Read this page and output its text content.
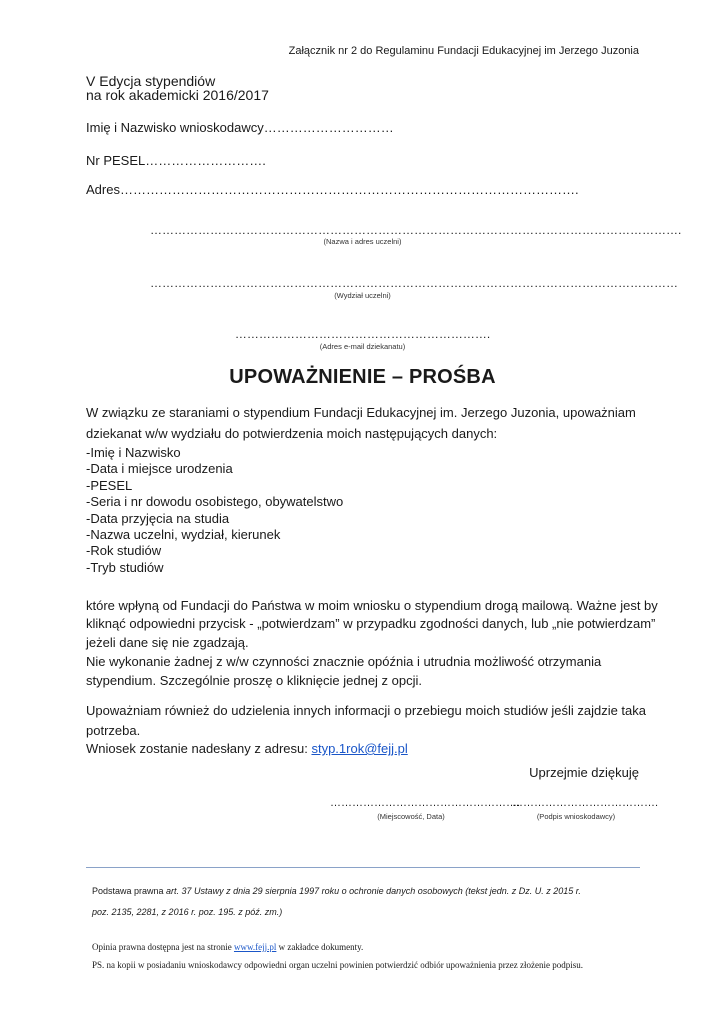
Załącznik nr 2 do Regulaminu Fundacji Edukacyjnej im Jerzego Juzonia
V Edycja stypendiów
na rok akademicki 2016/2017
Imię i Nazwisko wnioskodawcy…………………………
Nr PESEL……………………….
Adres…………………………………………………………………………………………….
…………………………………………………………………………………………………………………….
(Nazwa i adres uczelni)
……………………………………………………………………………………………………………………
(Wydział uczelni)
……………………………………………………….
(Adres e-mail dziekanatu)
UPOWAŻNIENIE – PROŚBA
W związku ze staraniami o stypendium Fundacji Edukacyjnej im. Jerzego Juzonia, upoważniam
dziekanat w/w wydziału do potwierdzenia moich następujących danych:
-Imię i Nazwisko
-Data i miejsce urodzenia
-PESEL
-Seria i nr dowodu osobistego, obywatelstwo
-Data przyjęcia na studia
-Nazwa uczelni, wydział, kierunek
-Rok studiów
-Tryb studiów
które wpłyną od Fundacji do Państwa w moim wniosku o stypendium drogą mailową. Ważne jest by
kliknąć odpowiedni przycisk - „potwierdzam” w przypadku zgodności danych, lub „nie potwierdzam”
jeżeli dane się nie zgadzają.
Nie wykonanie żadnej z w/w czynności znacznie opóźnia i utrudnia możliwość otrzymania
stypendium. Szczególnie proszę o kliknięcie jednej z opcji.
Upoważniam również do udzielenia innych informacji o przebiegu moich studiów jeśli zajdzie taka
potrzeba.
Wniosek zostanie nadesłany z adresu: styp.1rok@fejj.pl
Uprzejmie dziękuję
…………………………………………….
(Miejscowość, Data)
………………………………….
(Podpis wnioskodawcy)
Podstawa prawna art. 37 Ustawy z dnia 29 sierpnia 1997 roku o ochronie danych osobowych (tekst jedn. z Dz. U. z 2015 r.
poz. 2135, 2281, z 2016 r. poz. 195. z póź. zm.)
Opinia prawna dostępna jest na stronie www.fejj.pl w zakładce dokumenty.
PS. na kopii w posiadaniu wnioskodawcy odpowiedni organ uczelni powinien potwierdzić odbiór upoważnienia przez złożenie podpisu.
